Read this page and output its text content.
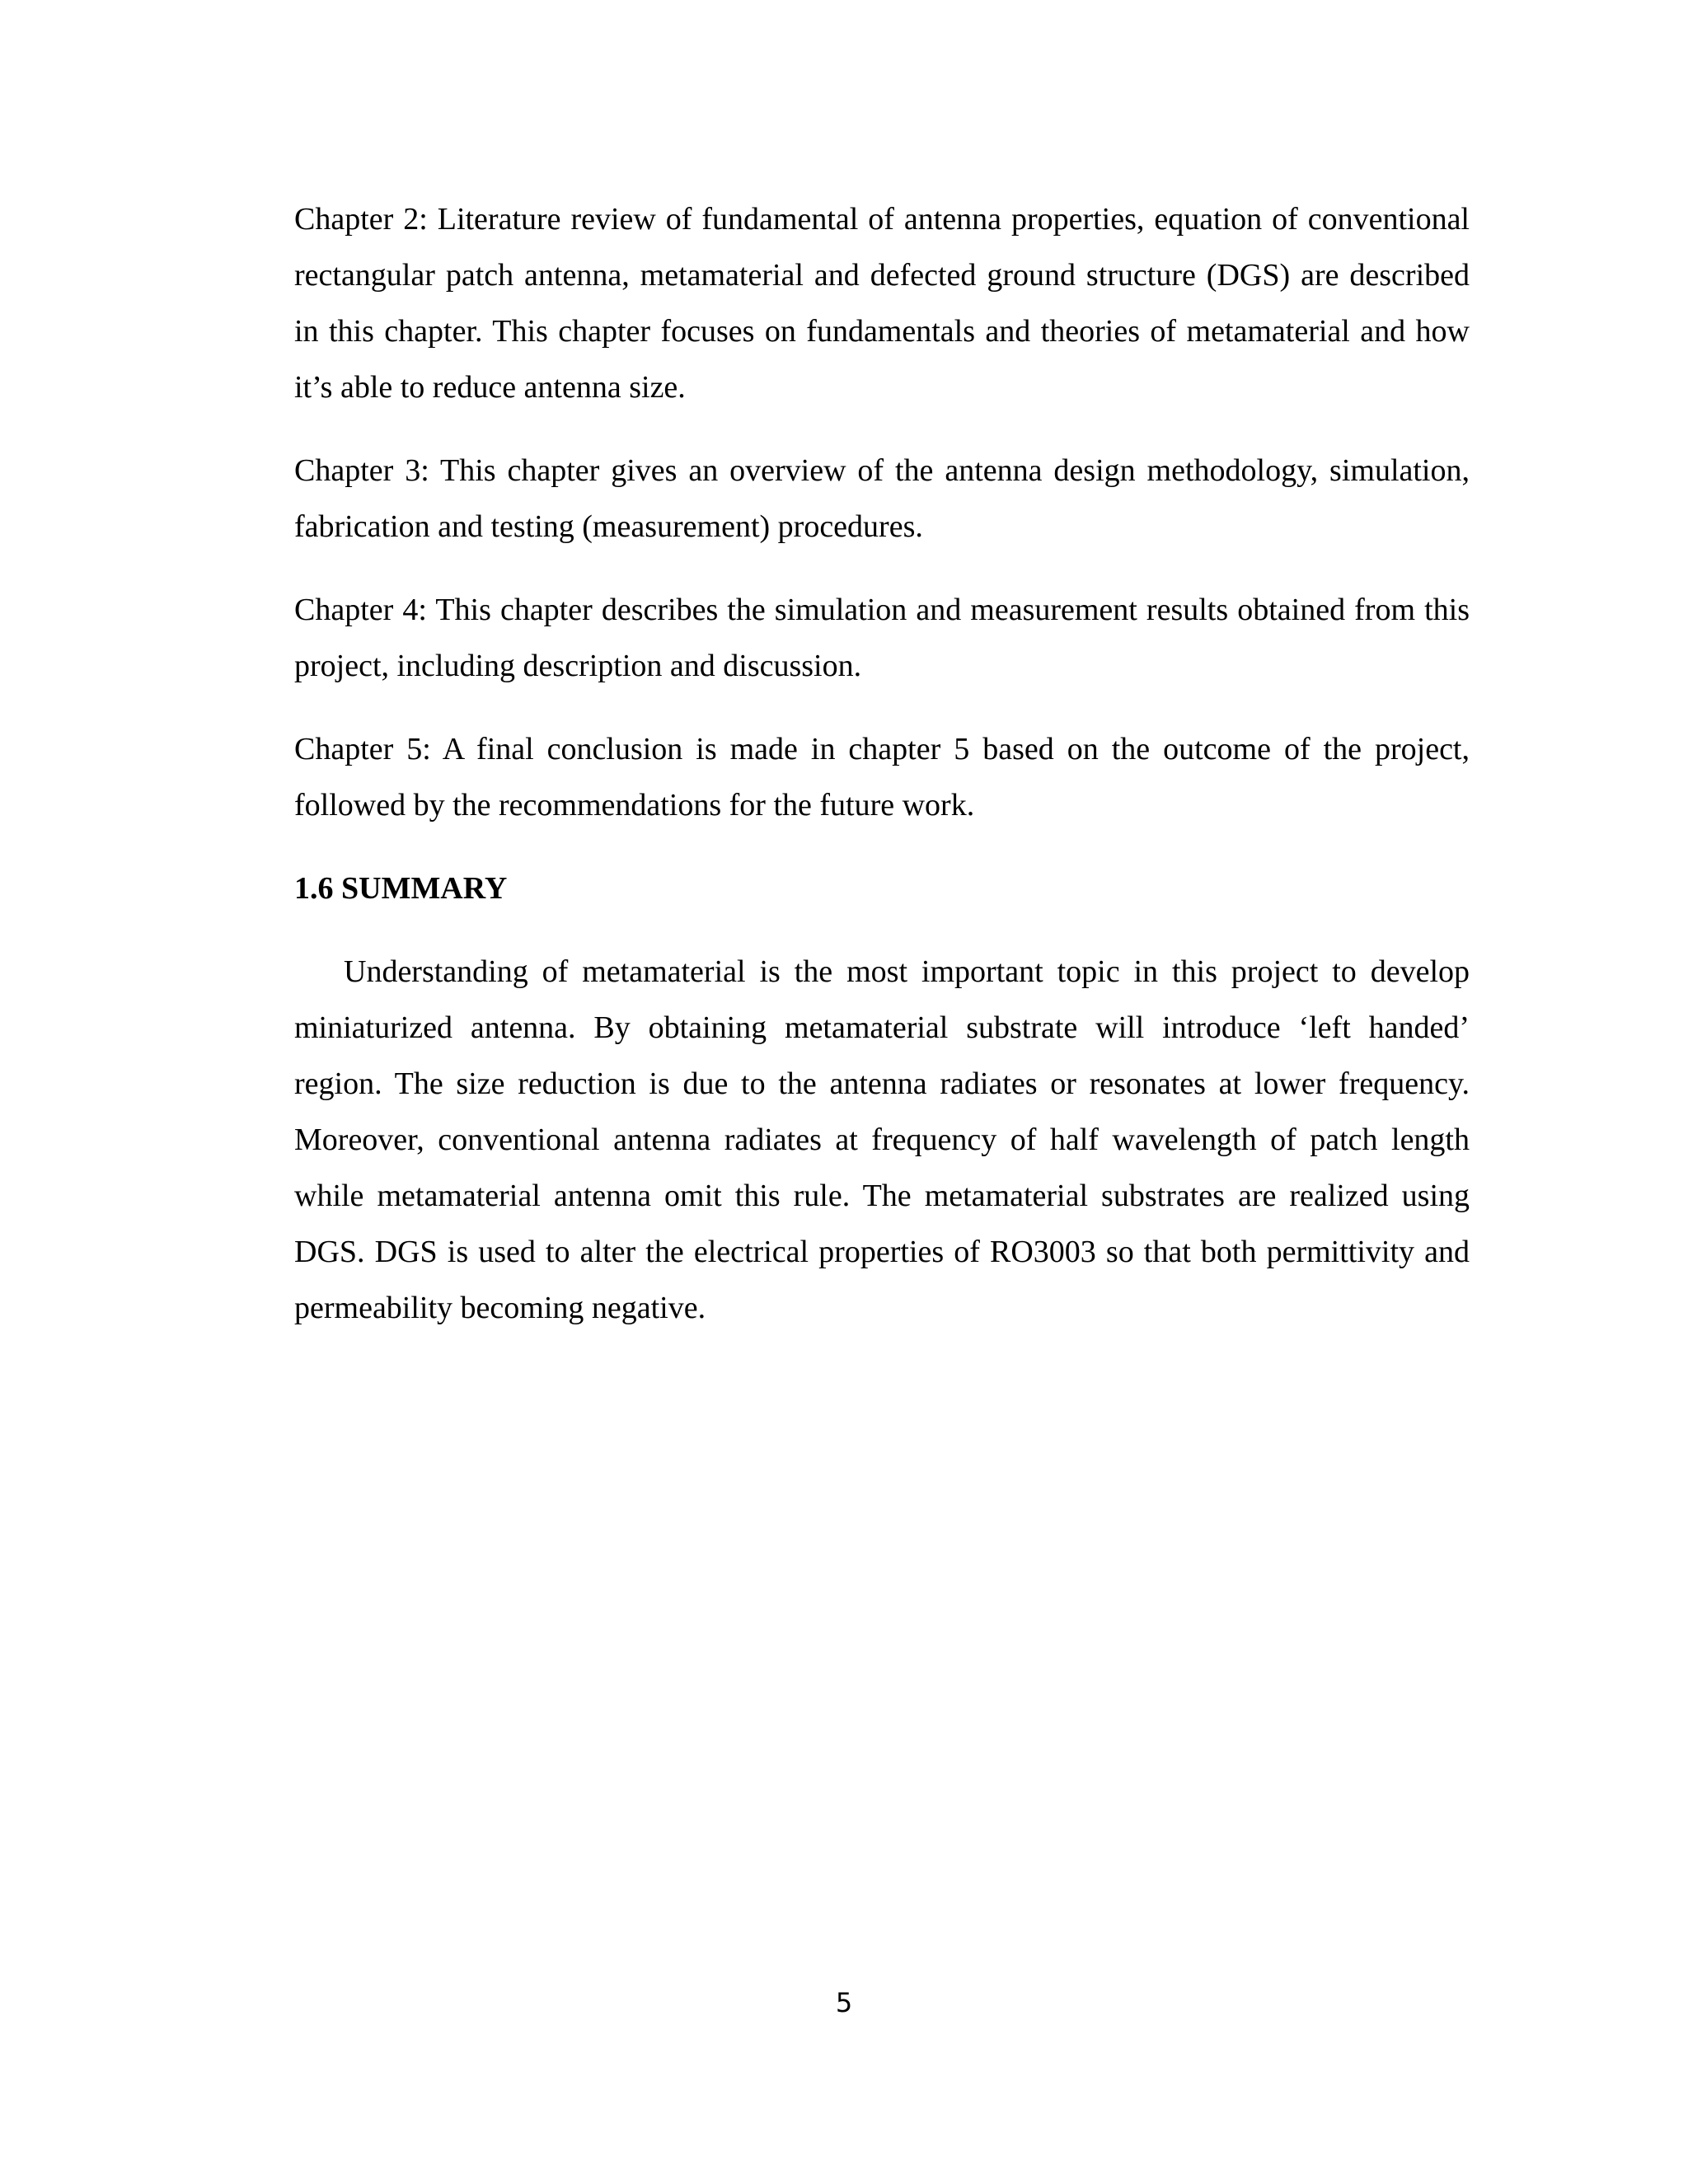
Chapter 2: Literature review of fundamental of antenna properties, equation of conventional rectangular patch antenna, metamaterial and defected ground structure (DGS) are described in this chapter. This chapter focuses on fundamentals and theories of metamaterial and how it’s able to reduce antenna size.

Chapter 3: This chapter gives an overview of the antenna design methodology, simulation, fabrication and testing (measurement) procedures.

Chapter 4: This chapter describes the simulation and measurement results obtained from this project, including description and discussion.

Chapter 5: A final conclusion is made in chapter 5 based on the outcome of the project, followed by the recommendations for the future work.

1.6 SUMMARY

Understanding of metamaterial is the most important topic in this project to develop miniaturized antenna. By obtaining metamaterial substrate will introduce ‘left handed’ region. The size reduction is due to the antenna radiates or resonates at lower frequency. Moreover, conventional antenna radiates at frequency of half wavelength of patch length while metamaterial antenna omit this rule. The metamaterial substrates are realized using DGS. DGS is used to alter the electrical properties of RO3003 so that both permittivity and permeability becoming negative.

5
